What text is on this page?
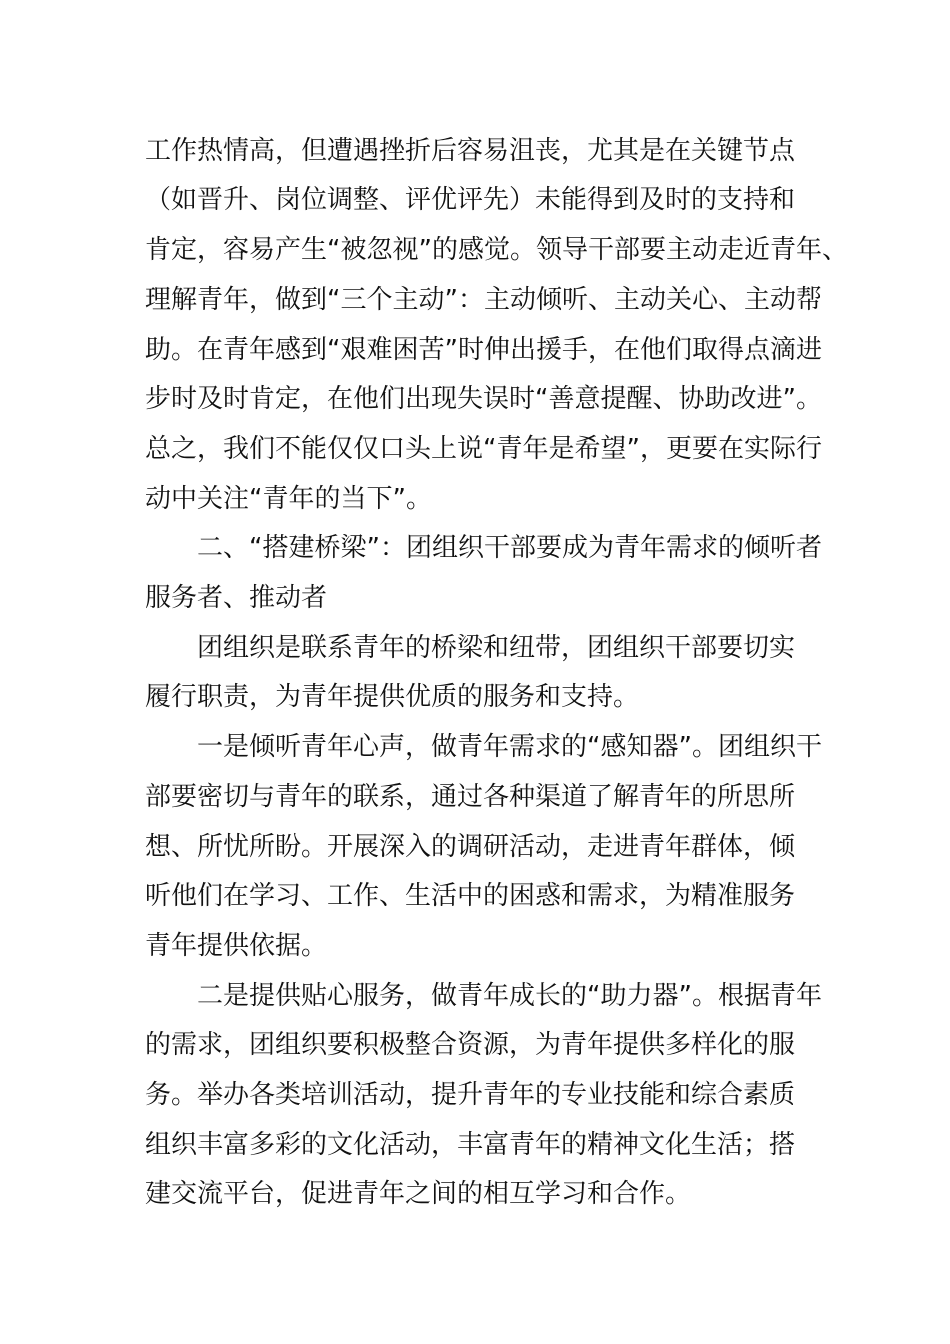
工作热情高，但遭遇挫折后容易沮丧，尤其是在关键节点
（如晋升、岗位调整、评优评先）未能得到及时的支持和
肯定，容易产生“被忽视”的感觉。领导干部要主动走近青年、
理解青年，做到“三个主动”：主动倾听、主动关心、主动帮
助。在青年感到“艰难困苦”时伸出援手，在他们取得点滴进
步时及时肯定，在他们出现失误时“善意提醒、协助改进”。
总之，我们不能仅仅口头上说“青年是希望”，更要在实际行
动中关注“青年的当下”。
二、“搭建桥梁”：团组织干部要成为青年需求的倾听者
服务者、推动者
团组织是联系青年的桥梁和纽带，团组织干部要切实
履行职责，为青年提供优质的服务和支持。
一是倾听青年心声，做青年需求的“感知器”。团组织干
部要密切与青年的联系，通过各种渠道了解青年的所思所
想、所忧所盼。开展深入的调研活动，走进青年群体，倾
听他们在学习、工作、生活中的困惑和需求，为精准服务
青年提供依据。
二是提供贴心服务，做青年成长的“助力器”。根据青年
的需求，团组织要积极整合资源，为青年提供多样化的服
务。举办各类培训活动，提升青年的专业技能和综合素质
组织丰富多彩的文化活动，丰富青年的精神文化生活；搭
建交流平台，促进青年之间的相互学习和合作。
